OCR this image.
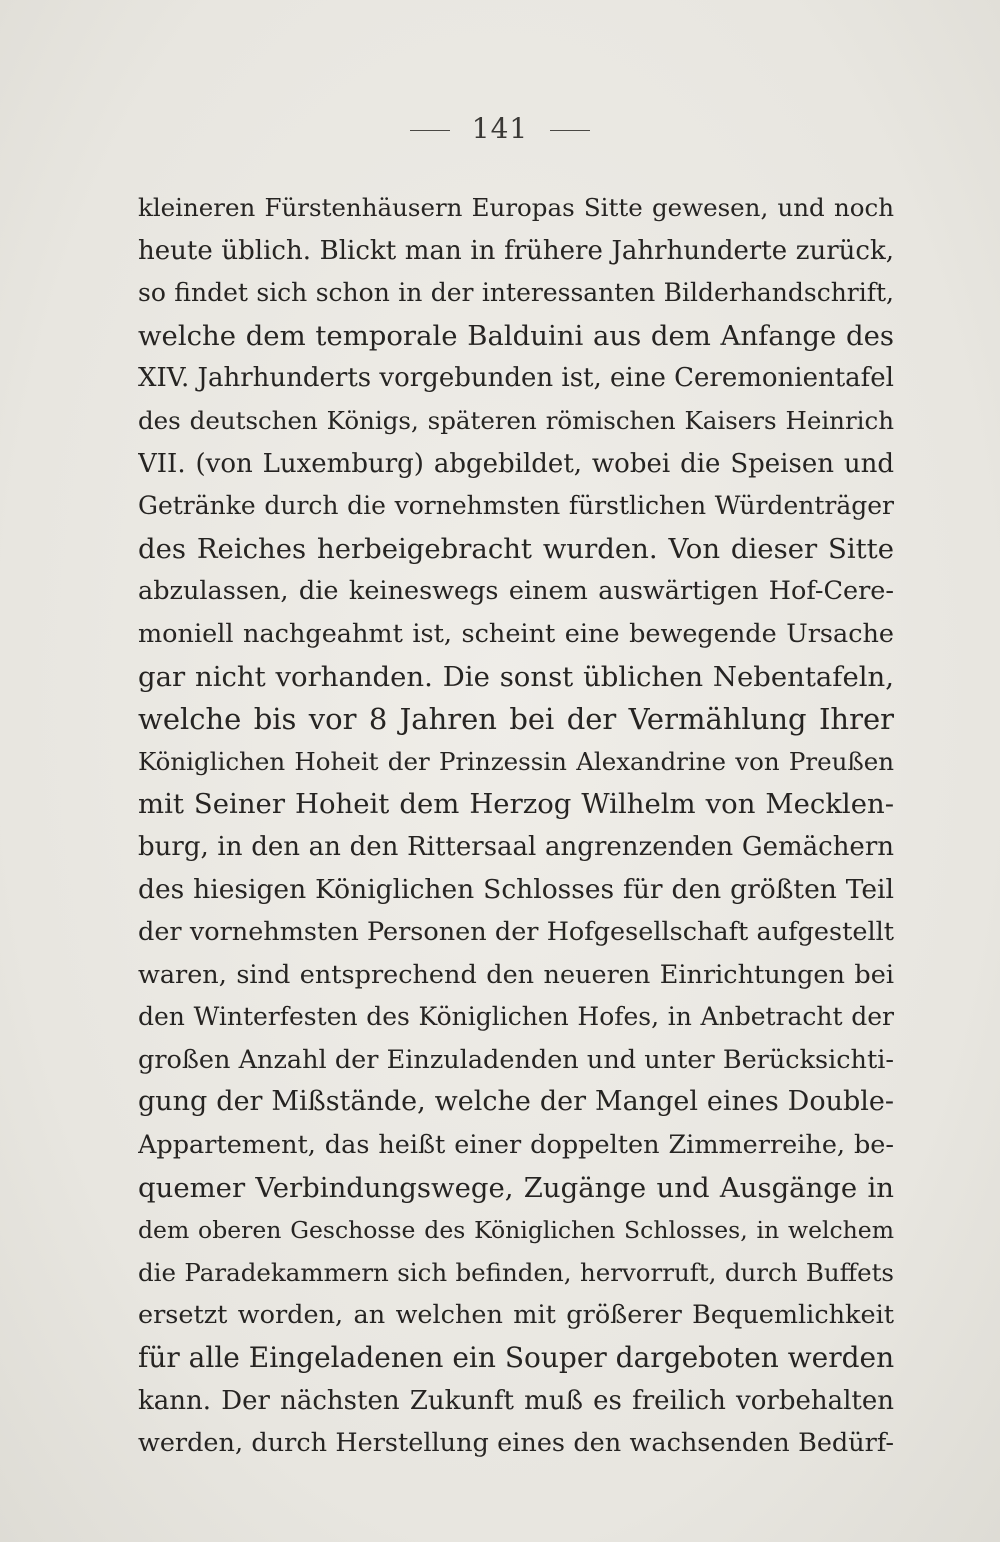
141
kleineren Fürstenhäusern Europas Sitte gewesen, und noch
heute üblich. Blickt man in frühere Jahrhunderte zurück,
so findet sich schon in der interessanten Bilderhandschrift,
welche dem temporale Balduini aus dem Anfange des
XIV. Jahrhunderts vorgebunden ist, eine Ceremonientafel
des deutschen Königs, späteren römischen Kaisers Heinrich
VII. (von Luxemburg) abgebildet, wobei die Speisen und
Getränke durch die vornehmsten fürstlichen Würdenträger
des Reiches herbeigebracht wurden. Von dieser Sitte
abzulassen, die keineswegs einem auswärtigen Hof-Cere-
moniell nachgeahmt ist, scheint eine bewegende Ursache
gar nicht vorhanden. Die sonst üblichen Nebentafeln,
welche bis vor 8 Jahren bei der Vermählung Ihrer
Königlichen Hoheit der Prinzessin Alexandrine von Preußen
mit Seiner Hoheit dem Herzog Wilhelm von Mecklen-
burg, in den an den Rittersaal angrenzenden Gemächern
des hiesigen Königlichen Schlosses für den größten Teil
der vornehmsten Personen der Hofgesellschaft aufgestellt
waren, sind entsprechend den neueren Einrichtungen bei
den Winterfesten des Königlichen Hofes, in Anbetracht der
großen Anzahl der Einzuladenden und unter Berücksichti-
gung der Mißstände, welche der Mangel eines Double-
Appartement, das heißt einer doppelten Zimmerreihe, be-
quemer Verbindungswege, Zugänge und Ausgänge in
dem oberen Geschosse des Königlichen Schlosses, in welchem
die Paradekammern sich befinden, hervorruft, durch Buffets
ersetzt worden, an welchen mit größerer Bequemlichkeit
für alle Eingeladenen ein Souper dargeboten werden
kann. Der nächsten Zukunft muß es freilich vorbehalten
werden, durch Herstellung eines den wachsenden Bedürf-
